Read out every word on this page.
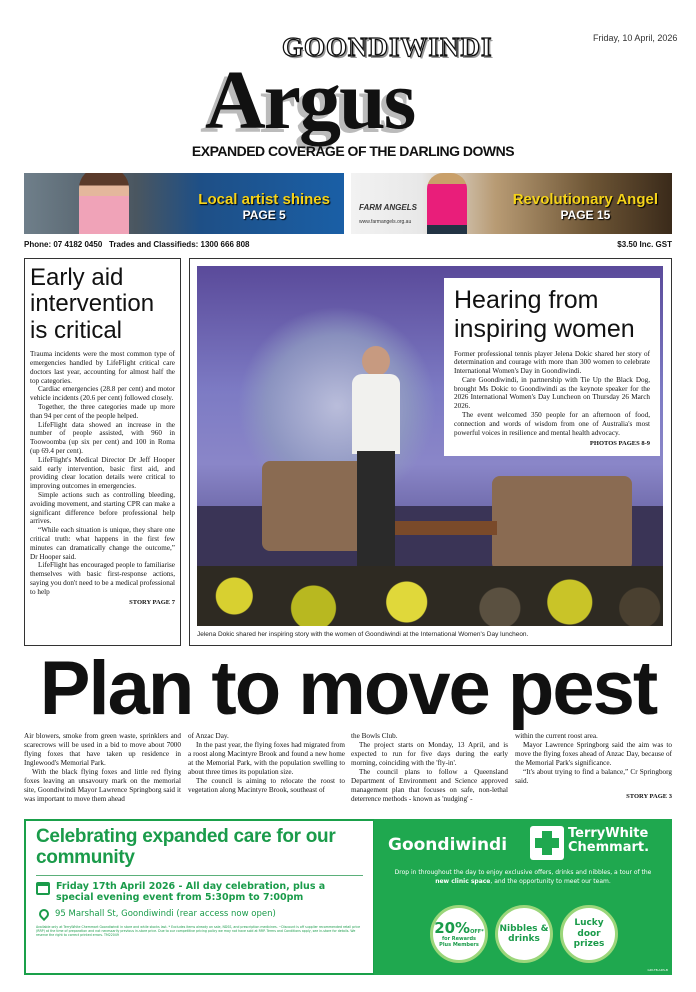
Friday, 10 April, 2026
GOONDIWINDI
Argus
EXPANDED COVERAGE OF THE DARLING DOWNS
Local artist shines
PAGE 5
FARM ANGELS
www.farmangels.org.au
Revolutionary Angel
PAGE 15
Phone: 07 4182 0450   Trades and Classifieds: 1300 666 808	$3.50 Inc. GST
Early aid intervention is critical

Trauma incidents were the most common type of emergencies handled by LifeFlight critical care doctors last year, accounting for almost half the top categories.

Cardiac emergencies (28.8 per cent) and motor vehicle incidents (20.6 per cent) followed closely.

Together, the three categories made up more than 94 per cent of the people helped.

LifeFlight data showed an increase in the number of people assisted, with 960 in Toowoomba (up six per cent) and 100 in Roma (up 69.4 per cent).

LifeFlight's Medical Director Dr Jeff Hooper said early intervention, basic first aid, and providing clear location details were critical to improving outcomes in emergencies.

Simple actions such as controlling bleeding, avoiding movement, and starting CPR can make a significant difference before professional help arrives.

“While each situation is unique, they share one critical truth: what happens in the first few minutes can dramatically change the outcome,” Dr Hooper said.

LifeFlight has encouraged people to familiarise themselves with basic first-response actions, saying you don't need to be a medical professional to help

STORY PAGE 7
Hearing from inspiring women

Former professional tennis player Jelena Dokic shared her story of determination and courage with more than 300 women to celebrate International Women's Day in Goondiwindi.

Care Goondiwindi, in partnership with Tie Up the Black Dog, brought Ms Dokic to Goondiwindi as the keynote speaker for the 2026 International Women's Day Luncheon on Thursday 26 March 2026.

The event welcomed 350 people for an afternoon of food, connection and words of wisdom from one of Australia's most powerful voices in resilience and mental health advocacy.

PHOTOS PAGES 8-9
Jelena Dokic shared her inspiring story with the women of Goondiwindi at the International Women's Day luncheon.
Plan to move pest

Air blowers, smoke from green waste, sprinklers and scarecrows will be used in a bid to move about 7000 flying foxes that have taken up residence in Inglewood's Memorial Park.

With the black flying foxes and little red flying foxes leaving an unsavoury mark on the memorial site, Goondiwindi Mayor Lawrence Springborg said it was important to move them ahead

of Anzac Day.

In the past year, the flying foxes had migrated from a roost along Macintyre Brook and found a new home at the Memorial Park, with the population swelling to about three times its population size.

The council is aiming to relocate the roost to vegetation along Macintyre Brook, southeast of

the Bowls Club.

The project starts on Monday, 13 April, and is expected to run for five days during the early morning, coinciding with the 'fly-in'.

The council plans to follow a Queensland Department of Environment and Science approved management plan that focuses on safe, non-lethal deterrence methods - known as 'nudging' -

within the current roost area.

Mayor Lawrence Springborg said the aim was to move the flying foxes ahead of Anzac Day, because of the Memorial Park's significance.

“It's about trying to find a balance,” Cr Springborg said.

STORY PAGE 3
Celebrating expanded care for our community
Friday 17th April 2026 - All day celebration, plus a special evening event from 5:30pm to 7:00pm
95 Marshall St, Goondiwindi (rear access now open)
Available only at TerryWhite Chemmart Goondiwindi in store and while stocks last. * Excludes items already on sale, NDSS, and prescription medicines. ~Discount is off supplier recommended retail price (RRP) at the time of preparation and not necessarily previous in-store price. Due to our competitive pricing policy we may not have sold at RRP. Terms and Conditions apply, see in-store for details. We reserve the right to correct printed errors. TM22049
Goondiwindi
TerryWhite
Chemmart.
Drop in throughout the day to enjoy exclusive offers, drinks and nibbles, a tour of the new clinic space, and the opportunity to meet our team.
20%OFF*
for Rewards Plus Members
Nibbles & drinks
Lucky door prizes
GDI-TB-ADS-B
